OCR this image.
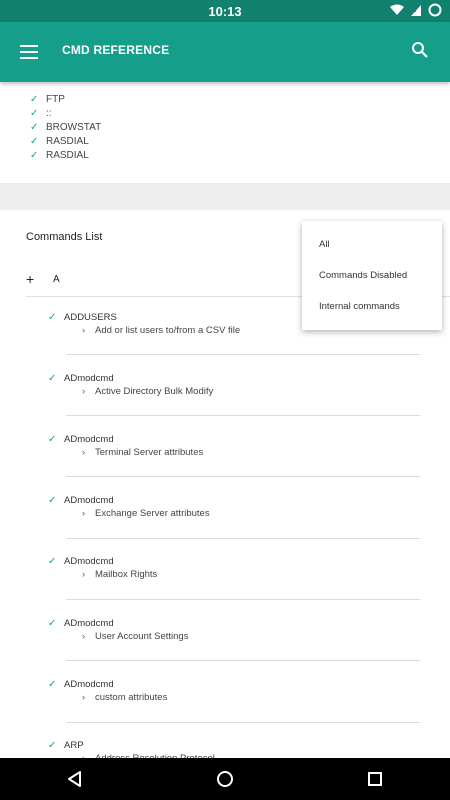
10:13	x
CMD REFERENCE
✓ FTP
✓ ::
✓ BROWSTAT
✓ RASDIAL
✓ RASDIAL
Commands List
+	A
✓ ADDUSERS
›	Add or list users to/from a CSV file
✓ ADmodcmd
›	Active Directory Bulk Modify
✓ ADmodcmd
›	Terminal Server attributes
✓ ADmodcmd
›	Exchange Server attributes
✓ ADmodcmd
›	Mailbox Rights
✓ ADmodcmd
›	User Account Settings
✓ ADmodcmd
›	custom attributes
✓ ARP
All
Commands Disabled
Internal commands
